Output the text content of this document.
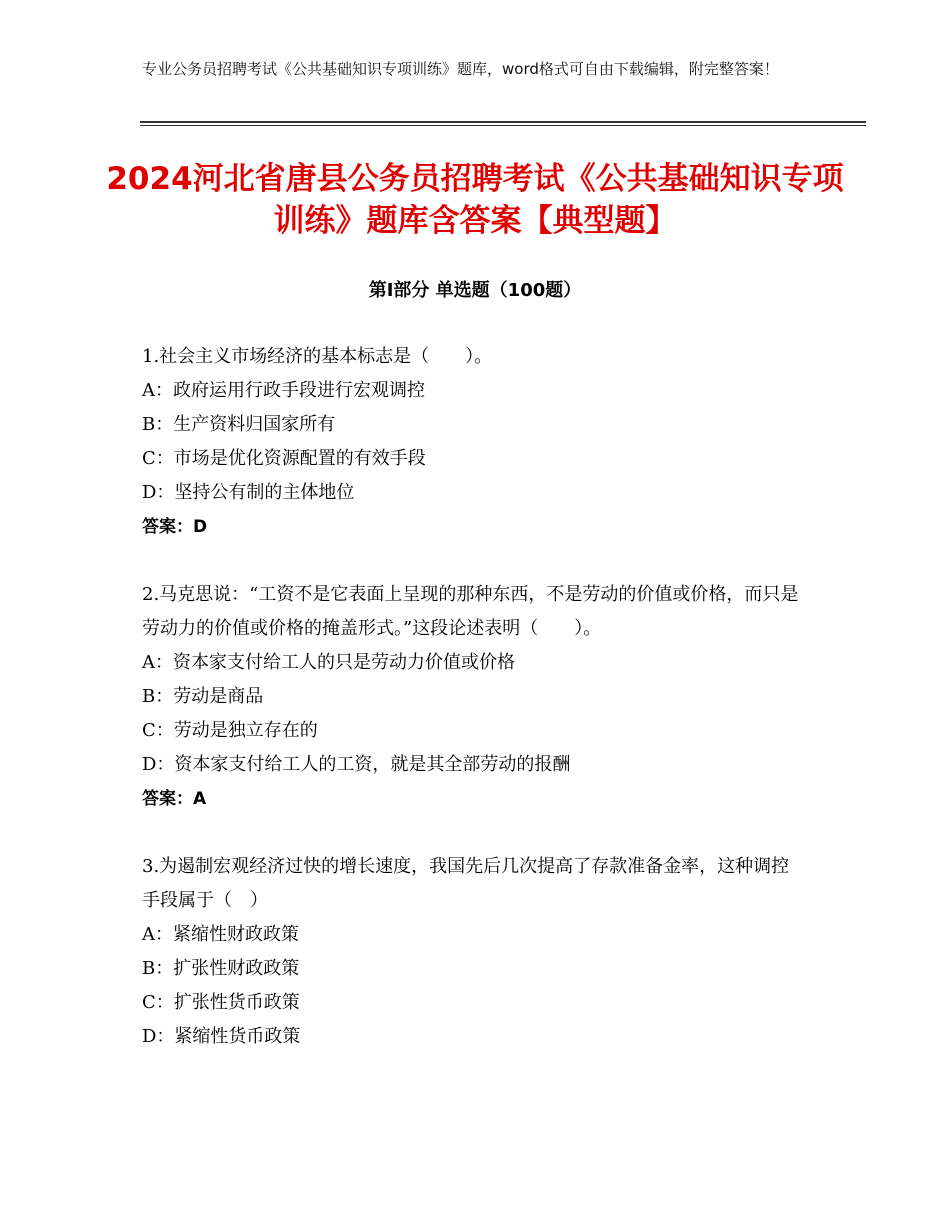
专业公务员招聘考试《公共基础知识专项训练》题库，word格式可自由下载编辑，附完整答案！
2024河北省唐县公务员招聘考试《公共基础知识专项训练》题库含答案【典型题】
第Ⅰ部分 单选题（100题）

1.社会主义市场经济的基本标志是（　　）。

A：政府运用行政手段进行宏观调控

B：生产资料归国家所有

C：市场是优化资源配置的有效手段

D：坚持公有制的主体地位

答案：D

2.马克思说：“工资不是它表面上呈现的那种东西，不是劳动的价值或价格，而只是劳动力的价值或价格的掩盖形式。”这段论述表明（　　）。

A：资本家支付给工人的只是劳动力价值或价格

B：劳动是商品

C：劳动是独立存在的

D：资本家支付给工人的工资，就是其全部劳动的报酬

答案：A

3.为遏制宏观经济过快的增长速度，我国先后几次提高了存款准备金率，这种调控手段属于（　）

A：紧缩性财政政策

B：扩张性财政政策

C：扩张性货币政策

D：紧缩性货币政策
